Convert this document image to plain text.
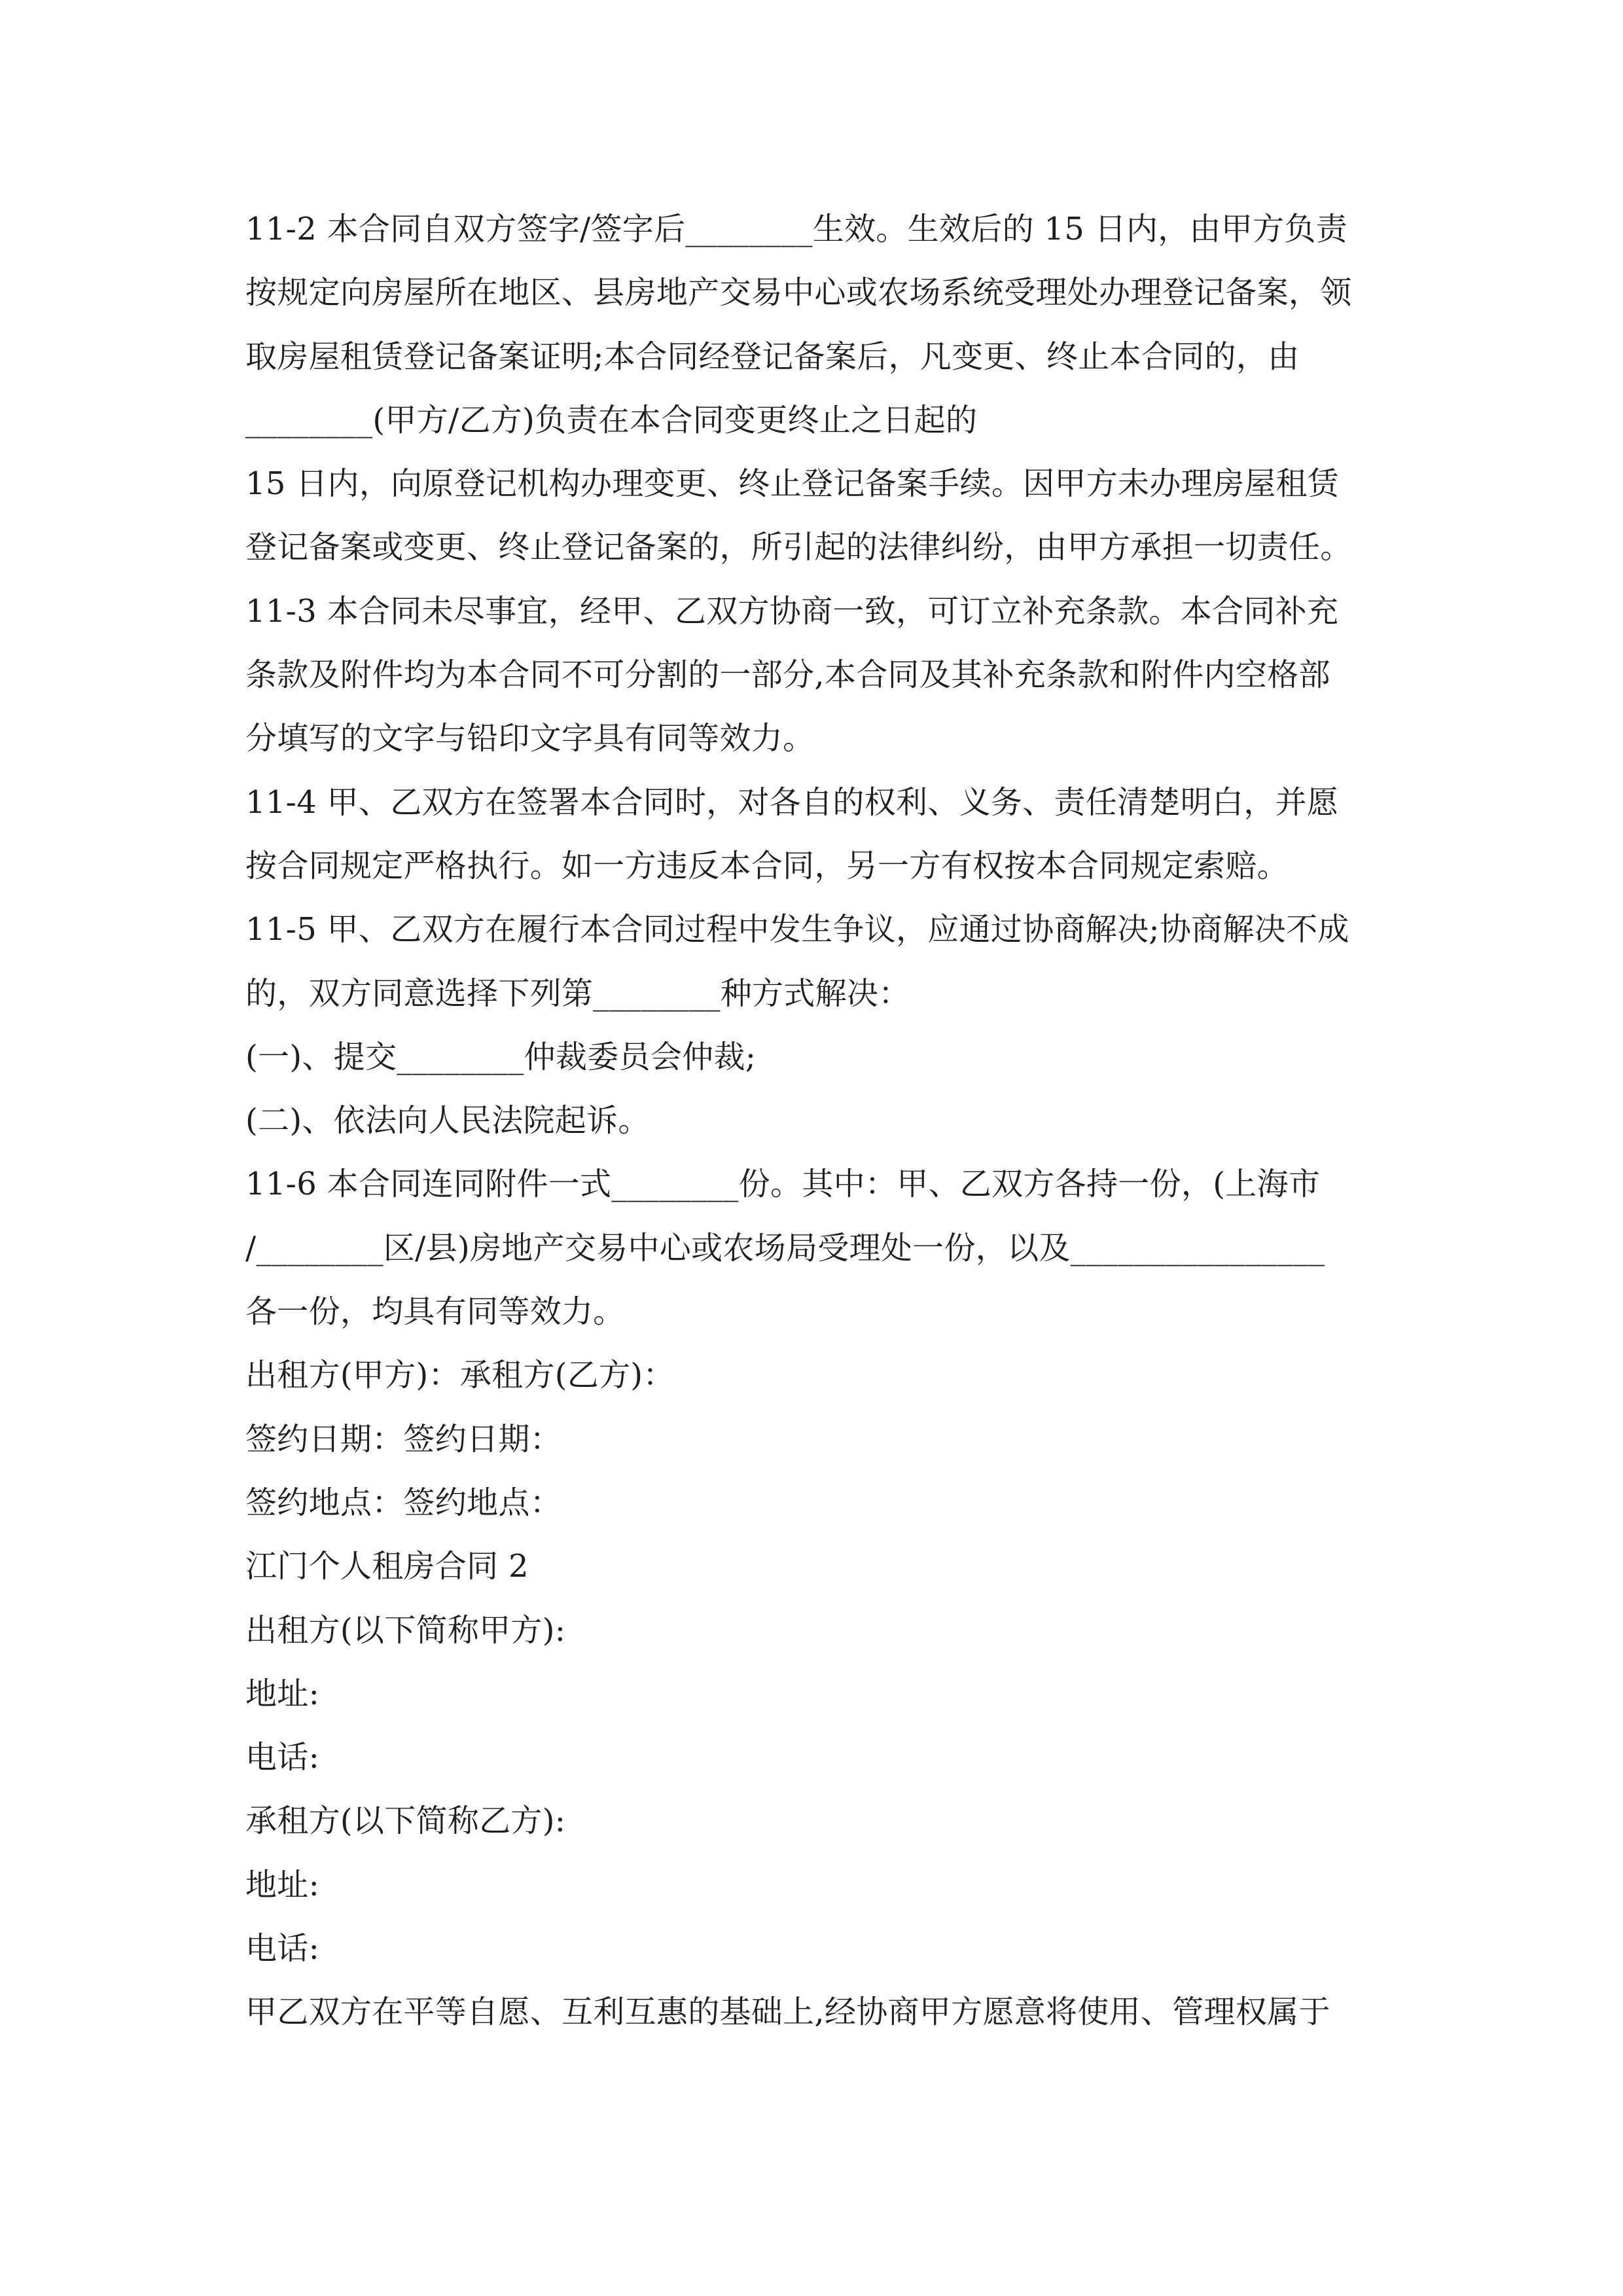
11-2 本合同自双方签字/签字后________生效。生效后的 15 日内，由甲方负责
按规定向房屋所在地区、县房地产交易中心或农场系统受理处办理登记备案，领
取房屋租赁登记备案证明;本合同经登记备案后，凡变更、终止本合同的，由
________(甲方/乙方)负责在本合同变更终止之日起的
15 日内，向原登记机构办理变更、终止登记备案手续。因甲方未办理房屋租赁
登记备案或变更、终止登记备案的，所引起的法律纠纷，由甲方承担一切责任。
11-3 本合同未尽事宜，经甲、乙双方协商一致，可订立补充条款。本合同补充
条款及附件均为本合同不可分割的一部分,本合同及其补充条款和附件内空格部
分填写的文字与铅印文字具有同等效力。
11-4 甲、乙双方在签署本合同时，对各自的权利、义务、责任清楚明白，并愿
按合同规定严格执行。如一方违反本合同，另一方有权按本合同规定索赔。
11-5 甲、乙双方在履行本合同过程中发生争议，应通过协商解决;协商解决不成
的，双方同意选择下列第________种方式解决：
(一)、提交________仲裁委员会仲裁;
(二)、依法向人民法院起诉。
11-6 本合同连同附件一式________份。其中：甲、乙双方各持一份，(上海市
/________区/县)房地产交易中心或农场局受理处一份，以及________________
各一份，均具有同等效力。
出租方(甲方)：承租方(乙方)：
签约日期：签约日期：
签约地点：签约地点：
江门个人租房合同 2
出租方(以下简称甲方):
地址:
电话:
承租方(以下简称乙方):
地址:
电话:
甲乙双方在平等自愿、互利互惠的基础上,经协商甲方愿意将使用、管理权属于
